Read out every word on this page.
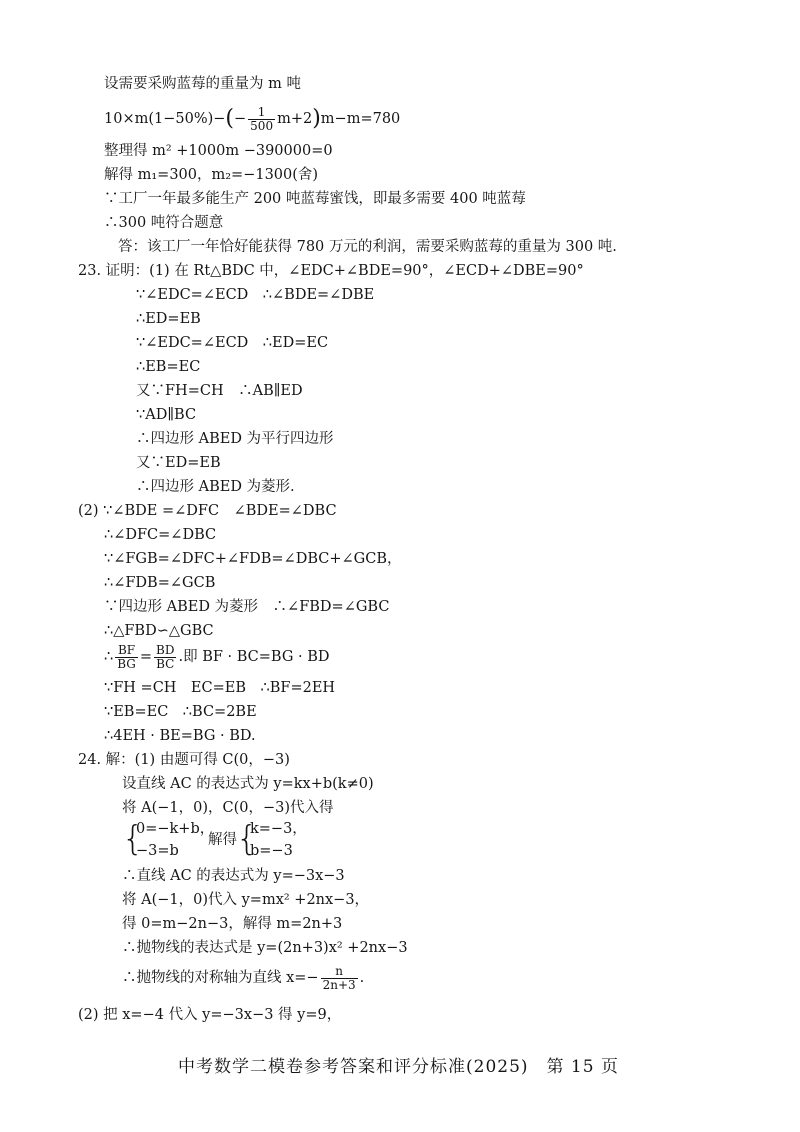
设需要采购蓝莓的重量为 m 吨
$10\times m(1-50\%)-(- \frac{1}{500} m+2)m-m=780$
整理得 m² +1000m −390000=0
解得 m₁=300，m₂=−1300(舍)
∵工厂一年最多能生产 200 吨蓝莓蜜饯，即最多需要 400 吨蓝莓
∴300 吨符合题意
答：该工厂一年恰好能获得 780 万元的利润，需要采购蓝莓的重量为 300 吨.
23. 证明：(1) 在 Rt△BDC 中，∠EDC+∠BDE=90°，∠ECD+∠DBE=90°
∵∠EDC=∠ECD　∴∠BDE=∠DBE
∴ED=EB
∵∠EDC=∠ECD　∴ED=EC
∴EB=EC
又∵FH=CH　∴AB∥ED
∵AD∥BC
∴四边形 ABED 为平行四边形
又∵ED=EB
∴四边形 ABED 为菱形.
(2) ∵∠BDE =∠DFC　∠BDE=∠DBC
∴∠DFC=∠DBC
∵∠FGB=∠DFC+∠FDB=∠DBC+∠GCB，
∴∠FDB=∠GCB
∵四边形 ABED 为菱形　∴∠FBD=∠GBC
∴△FBD∽△GBC
∴ $\frac{BF}{BG} = \frac{BD}{BC}$ .即 BF · BC=BG · BD
∵FH =CH　EC=EB　∴BF=2EH
∵EB=EC　∴BC=2BE
∴4EH · BE=BG · BD.
24. 解：(1) 由题可得 C(0，−3)
设直线 AC 的表达式为 y=kx+b(k≠0)
将 A(−1，0)，C(0，−3)代入得
{
0=−k+b，
−3=b
解得 {
k=−3，
b=−3
∴直线 AC 的表达式为 y=−3x−3
将 A(−1，0)代入 y=mx² +2nx−3，
得 0=m−2n−3，解得 m=2n+3
∴抛物线的表达式是 y=(2n+3)x² +2nx−3
∴抛物线的对称轴为直线 $x=- \frac{n}{2n+3}$ .
(2) 把 x=−4 代入 y=−3x−3 得 y=9，
中考数学二模卷参考答案和评分标准(2025)　第 15 页
